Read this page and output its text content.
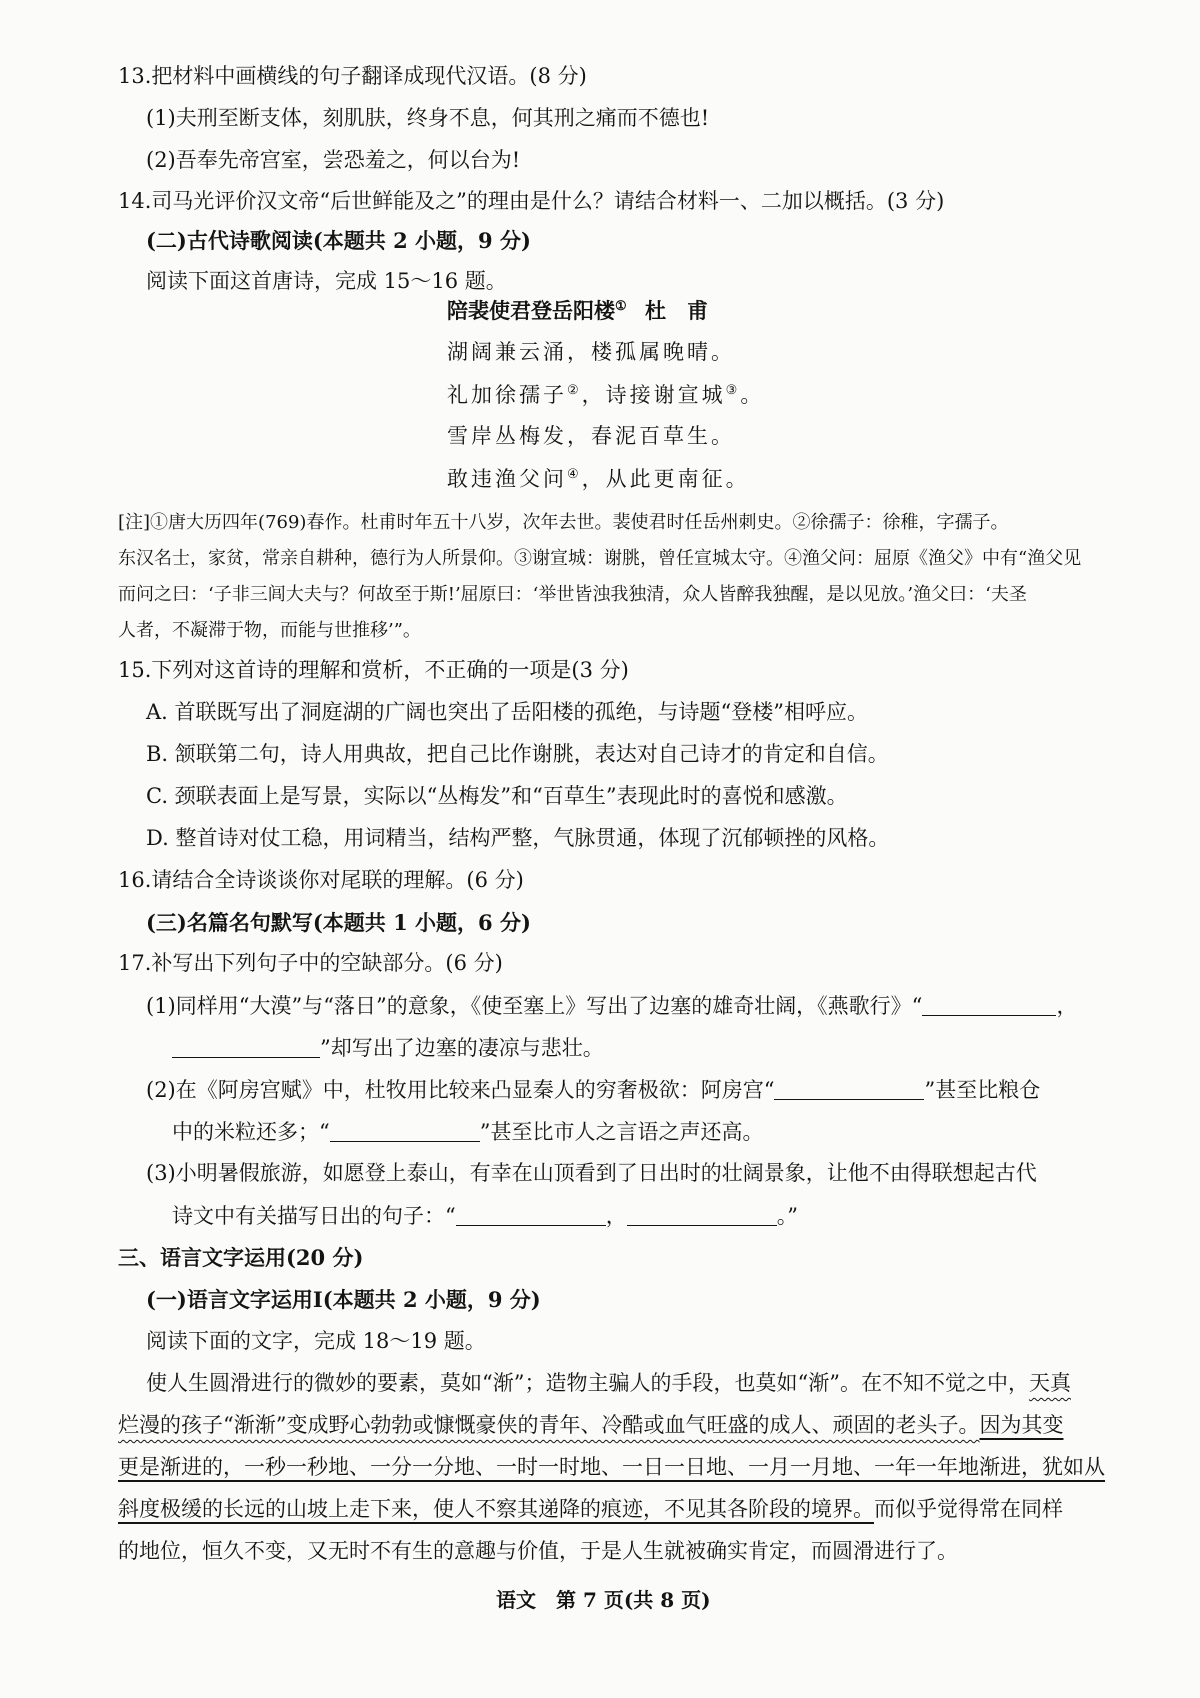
13.把材料中画横线的句子翻译成现代汉语。(8 分)
(1)夫刑至断支体，刻肌肤，终身不息，何其刑之痛而不德也!
(2)吾奉先帝宫室，尝恐羞之，何以台为!
14.司马光评价汉文帝“后世鲜能及之”的理由是什么？请结合材料一、二加以概括。(3 分)
(二)古代诗歌阅读(本题共 2 小题，9 分)
阅读下面这首唐诗，完成 15～16 题。
陪裴使君登岳阳楼① 杜　甫
湖阔兼云涌，楼孤属晚晴。
礼加徐孺子②，诗接谢宣城③。
雪岸丛梅发，春泥百草生。
敢违渔父问④，从此更南征。
[注]①唐大历四年(769)春作。杜甫时年五十八岁，次年去世。裴使君时任岳州刺史。②徐孺子：徐稚，字孺子。
东汉名士，家贫，常亲自耕种，德行为人所景仰。③谢宣城：谢朓，曾任宣城太守。④渔父问：屈原《渔父》中有“渔父见
而问之曰：‘子非三闾大夫与？何故至于斯!’屈原曰：‘举世皆浊我独清，众人皆醉我独醒，是以见放。’渔父曰：‘夫圣
人者，不凝滞于物，而能与世推移’”。
15.下列对这首诗的理解和赏析，不正确的一项是(3 分)
A. 首联既写出了洞庭湖的广阔也突出了岳阳楼的孤绝，与诗题“登楼”相呼应。
B. 颔联第二句，诗人用典故，把自己比作谢朓，表达对自己诗才的肯定和自信。
C. 颈联表面上是写景，实际以“丛梅发”和“百草生”表现此时的喜悦和感激。
D. 整首诗对仗工稳，用词精当，结构严整，气脉贯通，体现了沉郁顿挫的风格。
16.请结合全诗谈谈你对尾联的理解。(6 分)
(三)名篇名句默写(本题共 1 小题，6 分)
17.补写出下列句子中的空缺部分。(6 分)
(1)同样用“大漠”与“落日”的意象，《使至塞上》写出了边塞的雄奇壮阔，《燕歌行》“	，
”却写出了边塞的凄凉与悲壮。
(2)在《阿房宫赋》中，杜牧用比较来凸显秦人的穷奢极欲：阿房宫“	”甚至比粮仓
中的米粒还多；“	”甚至比市人之言语之声还高。
(3)小明暑假旅游，如愿登上泰山，有幸在山顶看到了日出时的壮阔景象，让他不由得联想起古代
诗文中有关描写日出的句子：“	，	。”
三、语言文字运用(20 分)
(一)语言文字运用Ⅰ(本题共 2 小题，9 分)
阅读下面的文字，完成 18～19 题。
使人生圆滑进行的微妙的要素，莫如“渐”；造物主骗人的手段，也莫如“渐”。在不知不觉之中，天真
烂漫的孩子“渐渐”变成野心勃勃或慷慨豪侠的青年、冷酷或血气旺盛的成人、顽固的老头子。因为其变
更是渐进的，一秒一秒地、一分一分地、一时一时地、一日一日地、一月一月地、一年一年地渐进，犹如从
斜度极缓的长远的山坡上走下来，使人不察其递降的痕迹，不见其各阶段的境界。而似乎觉得常在同样
的地位，恒久不变，又无时不有生的意趣与价值，于是人生就被确实肯定，而圆滑进行了。
语文　第 7 页(共 8 页)
